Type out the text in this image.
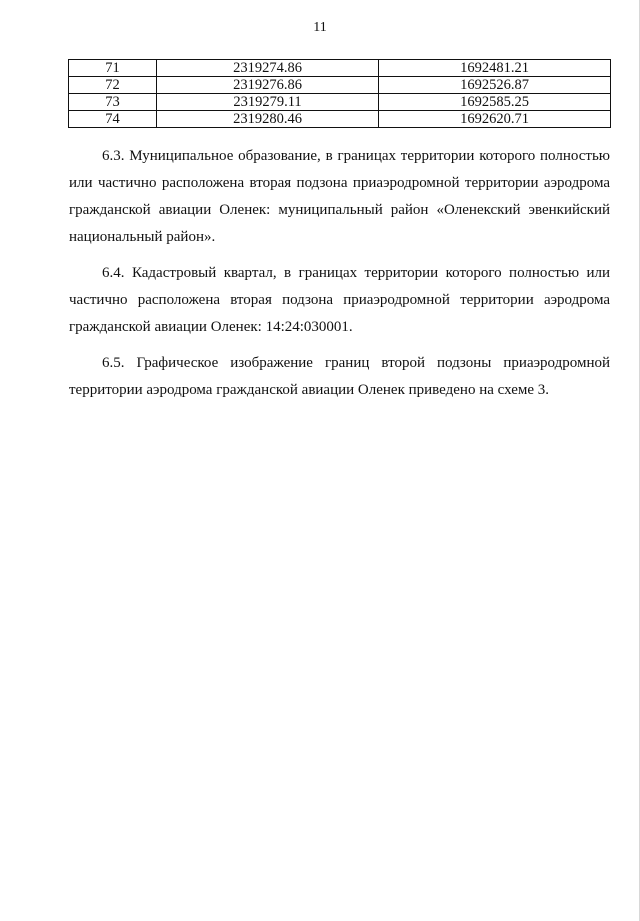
11
71	2319274.86	1692481.21
72	2319276.86	1692526.87
73	2319279.11	1692585.25
74	2319280.46	1692620.71

6.3. Муниципальное образование, в границах территории которого полностью или частично расположена вторая подзона приаэродромной территории аэродрома гражданской авиации Оленек: муниципальный район «Оленекский эвенкийский национальный район».

6.4. Кадастровый квартал, в границах территории которого полностью или частично расположена вторая подзона приаэродромной территории аэродрома гражданской авиации Оленек: 14:24:030001.

6.5. Графическое изображение границ второй подзоны приаэродромной территории аэродрома гражданской авиации Оленек приведено на схеме 3.
